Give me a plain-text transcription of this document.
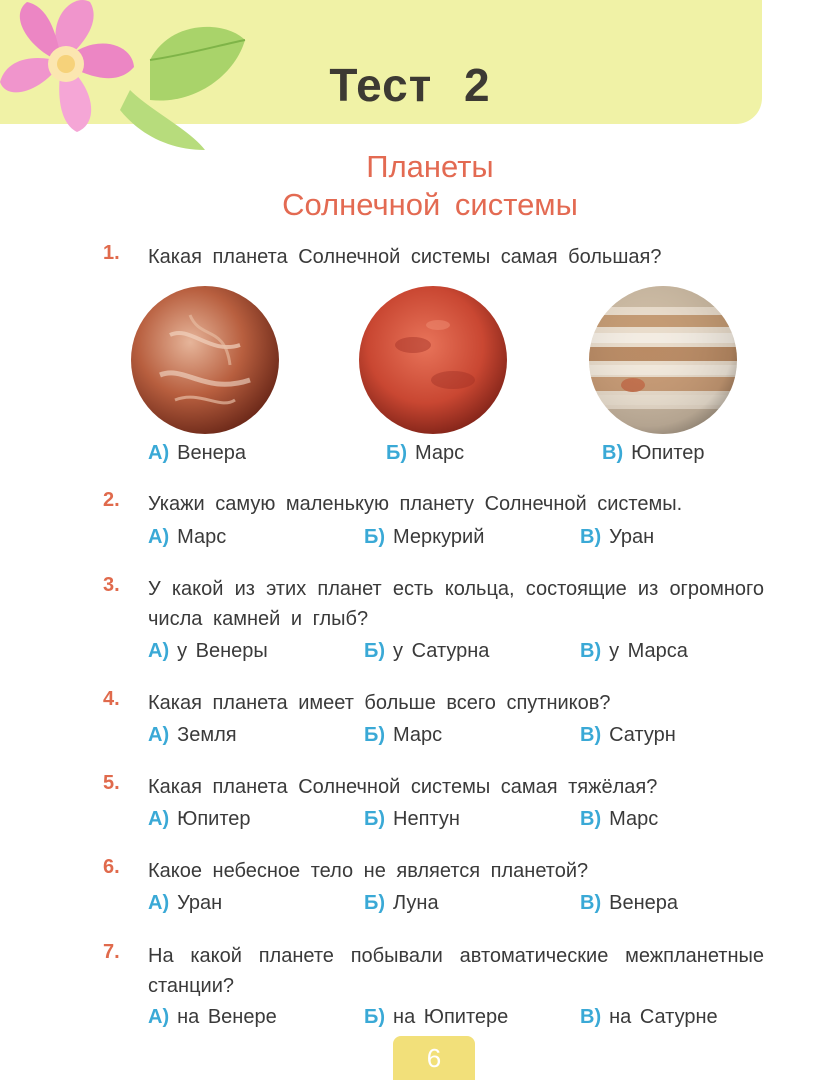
Тест 2
Планеты
Солнечной системы
1. Какая планета Солнечной системы самая большая?
А) Венера	Б) Марс	В) Юпитер
2. Укажи самую маленькую планету Солнечной системы.
А) Марс	Б) Меркурий	В) Уран
3. У какой из этих планет есть кольца, состоящие из огромного числа камней и глыб?
А) у Венеры	Б) у Сатурна	В) у Марса
4. Какая планета имеет больше всего спутников?
А) Земля	Б) Марс	В) Сатурн
5. Какая планета Солнечной системы самая тяжёлая?
А) Юпитер	Б) Нептун	В) Марс
6. Какое небесное тело не является планетой?
А) Уран	Б) Луна	В) Венера
7. На какой планете побывали автоматические межпланетные станции?
А) на Венере	Б) на Юпитере	В) на Сатурне
6
